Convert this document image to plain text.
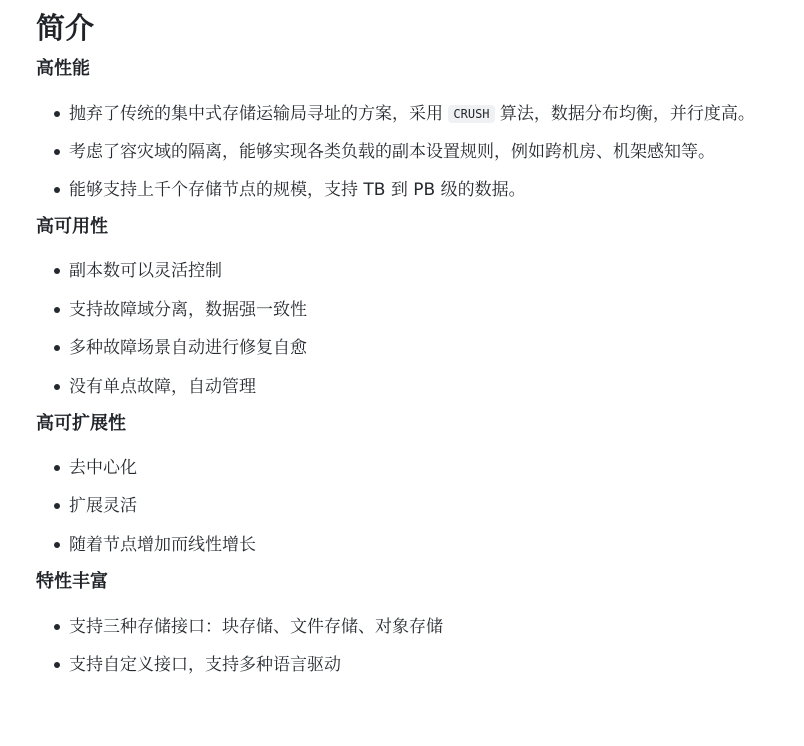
简介
高性能
抛弃了传统的集中式存储运输局寻址的方案，采用 CRUSH 算法，数据分布均衡，并行度高。
考虑了容灾域的隔离，能够实现各类负载的副本设置规则，例如跨机房、机架感知等。
能够支持上千个存储节点的规模，支持 TB 到 PB 级的数据。
高可用性
副本数可以灵活控制
支持故障域分离，数据强一致性
多种故障场景自动进行修复自愈
没有单点故障，自动管理
高可扩展性
去中心化
扩展灵活
随着节点增加而线性增长
特性丰富
支持三种存储接口：块存储、文件存储、对象存储
支持自定义接口，支持多种语言驱动
